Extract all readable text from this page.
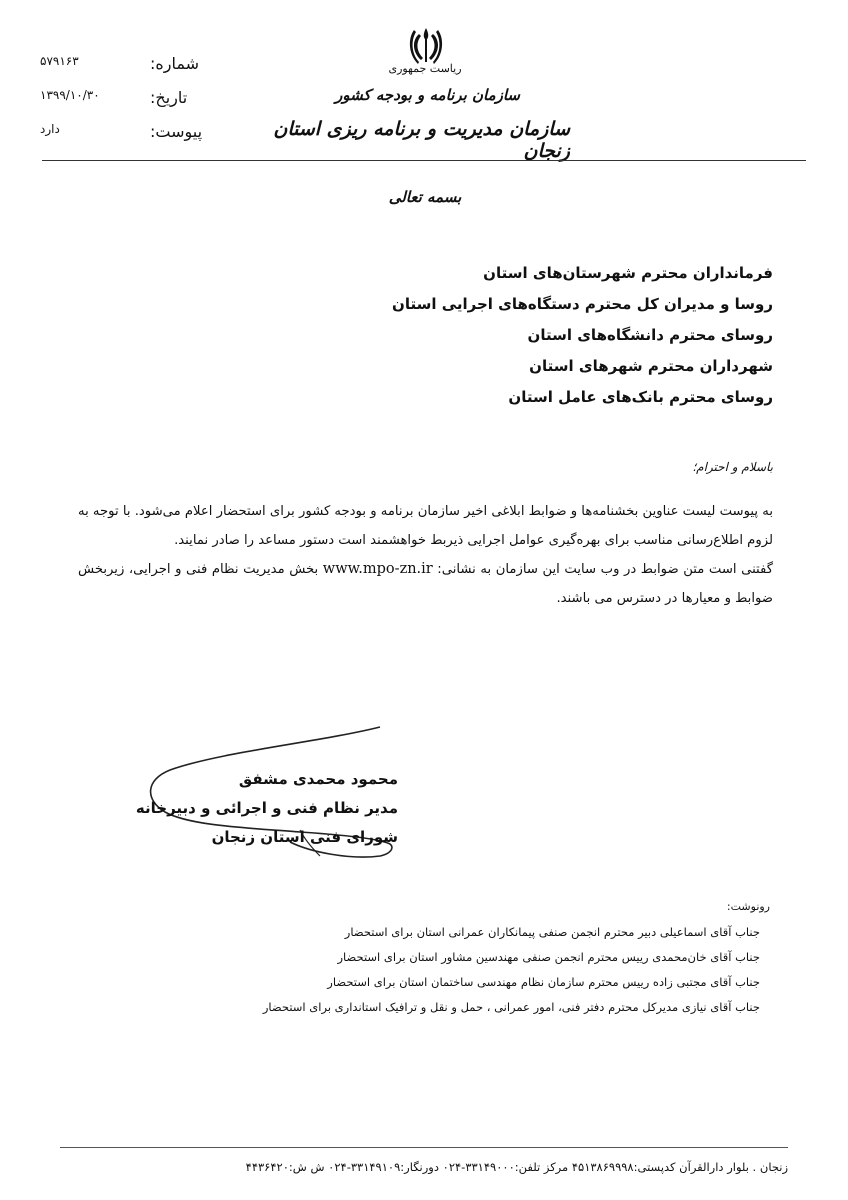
ریاست جمهوری
سازمان برنامه و بودجه کشور
سازمان مدیریت و برنامه ریزی استان زنجان
شماره:
۵۷۹۱۶۳
تاریخ:
۱۳۹۹/۱۰/۳۰
پیوست:
دارد
بسمه تعالی
فرمانداران محترم شهرستان‌های استان
روسا و مدیران کل محترم دستگاه‌های اجرایی استان
روسای محترم دانشگاه‌های استان
شهرداران محترم شهرهای استان
روسای محترم بانک‌های عامل استان
باسلام و احترام؛

به پیوست لیست عناوین بخشنامه‌ها و ضوابط ابلاغی اخیر سازمان برنامه و بودجه کشور برای استحضار اعلام می‌شود. با توجه به لزوم اطلاع‌رسانی مناسب برای بهره‌گیری عوامل اجرایی ذیربط خواهشمند است دستور مساعد را صادر نمایند.

گفتنی است متن ضوابط در وب سایت این سازمان به نشانی: www.mpo-zn.ir بخش مدیریت نظام فنی و اجرایی، زیربخش ضوابط و معیارها در دسترس می باشند.

محمود محمدی مشفق
مدیر نظام فنی و اجرائی و دبیرخانه
شورای فنی استان زنجان
رونوشت:
جناب آقای اسماعیلی دبیر محترم انجمن صنفی پیمانکاران عمرانی استان برای استحضار
جناب آقای خان‌محمدی رییس محترم انجمن صنفی مهندسین مشاور استان برای استحضار
جناب آقای مجتبی زاده رییس محترم سازمان نظام مهندسی ساختمان استان برای استحضار
جناب آقای نیازی مدیرکل محترم دفتر فنی، امور عمرانی ، حمل و نقل و ترافیک استانداری برای استحضار
زنجان . بلوار دارالقرآن کدپستی:۴۵۱۳۸۶۹۹۹۸ مرکز تلفن:۳۳۱۴۹۰۰۰-۰۲۴ دورنگار:۳۳۱۴۹۱۰۹-۰۲۴ ش ش:۴۴۳۶۴۲۰
